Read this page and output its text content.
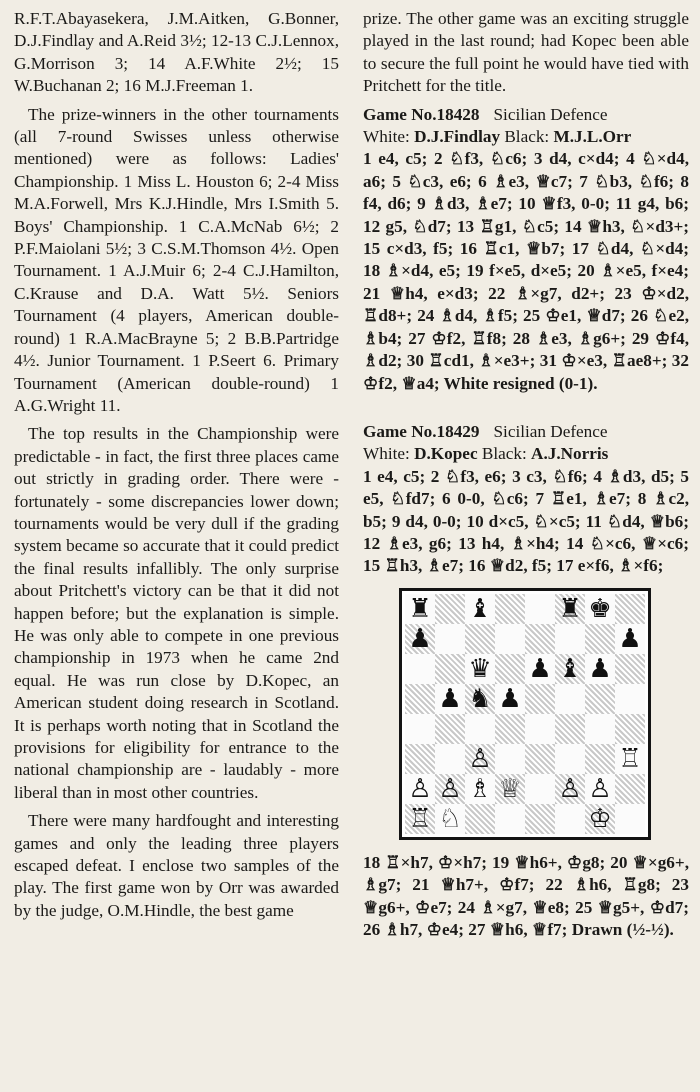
R.F.T.Abayasekera, J.M.Aitken, G.Bonner, D.J.Findlay and A.Reid 3½; 12-13 C.J.Lennox, G.Morrison 3; 14 A.F.White 2½; 15 W.Buchanan 2; 16 M.J.Freeman 1.

The prize-winners in the other tournaments (all 7-round Swisses unless otherwise mentioned) were as follows: Ladies' Championship. 1 Miss L. Houston 6; 2-4 Miss M.A.Forwell, Mrs K.J.Hindle, Mrs I.Smith 5. Boys' Championship. 1 C.A.McNab 6½; 2 P.F.Maiolani 5½; 3 C.S.M.Thomson 4½. Open Tournament. 1 A.J.Muir 6; 2-4 C.J.Hamilton, C.Krause and D.A. Watt 5½. Seniors Tournament (4 players, American double-round) 1 R.A.MacBrayne 5; 2 B.B.Partridge 4½. Junior Tournament. 1 P.Seert 6. Primary Tournament (American double-round) 1 A.G.Wright 11.

The top results in the Championship were predictable - in fact, the first three places came out strictly in grading order. There were - fortunately - some discrepancies lower down; tournaments would be very dull if the grading system became so accurate that it could predict the final results infallibly. The only surprise about Pritchett's victory can be that it did not happen before; but the explanation is simple. He was only able to compete in one previous championship in 1973 when he came 2nd equal. He was run close by D.Kopec, an American student doing research in Scotland. It is perhaps worth noting that in Scotland the provisions for eligibility for entrance to the national championship are - laudably - more liberal than in most other countries.

There were many hardfought and interesting games and only the leading three players escaped defeat. I enclose two samples of the play. The first game won by Orr was awarded by the judge, O.M.Hindle, the best game

prize. The other game was an exciting struggle played in the last round; had Kopec been able to secure the full point he would have tied with Pritchett for the title.

Game No.18428 Sicilian Defence
White: D.J.Findlay Black: M.J.L.Orr

1 e4, c5; 2 ♘f3, ♘c6; 3 d4, c×d4; 4 ♘×d4, a6; 5 ♘c3, e6; 6 ♗e3, ♕c7; 7 ♘b3, ♘f6; 8 f4, d6; 9 ♗d3, ♗e7; 10 ♕f3, 0-0; 11 g4, b6; 12 g5, ♘d7; 13 ♖g1, ♘c5; 14 ♕h3, ♘×d3+; 15 c×d3, f5; 16 ♖c1, ♕b7; 17 ♘d4, ♘×d4; 18 ♗×d4, e5; 19 f×e5, d×e5; 20 ♗×e5, f×e4; 21 ♕h4, e×d3; 22 ♗×g7, d2+; 23 ♔×d2, ♖d8+; 24 ♗d4, ♗f5; 25 ♔e1, ♕d7; 26 ♘e2, ♗b4; 27 ♔f2, ♖f8; 28 ♗e3, ♗g6+; 29 ♔f4, ♗d2; 30 ♖cd1, ♗×e3+; 31 ♔×e3, ♖ae8+; 32 ♔f2, ♕a4; White resigned (0-1).

Game No.18429 Sicilian Defence
White: D.Kopec Black: A.J.Norris

1 e4, c5; 2 ♘f3, e6; 3 c3, ♘f6; 4 ♗d3, d5; 5 e5, ♘fd7; 6 0-0, ♘c6; 7 ♖e1, ♗e7; 8 ♗c2, b5; 9 d4, 0-0; 10 d×c5, ♘×c5; 11 ♘d4, ♕b6; 12 ♗e3, g6; 13 h4, ♗×h4; 14 ♘×c6, ♕×c6; 15 ♖h3, ♗e7; 16 ♕d2, f5; 17 e×f6, ♗×f6;

♜ ♝	♜ ♚
♟	♟
♛ ♟ ♝ ♟
♟ ♞ ♟
♙	♖
♙ ♙ ♗ ♕ ♙ ♙
♖ ♘	♔

18 ♖×h7, ♔×h7; 19 ♕h6+, ♔g8; 20 ♕×g6+, ♗g7; 21 ♕h7+, ♔f7; 22 ♗h6, ♖g8; 23 ♕g6+, ♔e7; 24 ♗×g7, ♕e8; 25 ♕g5+, ♔d7; 26 ♗h7, ♔e4; 27 ♕h6, ♕f7; Drawn (½-½).
